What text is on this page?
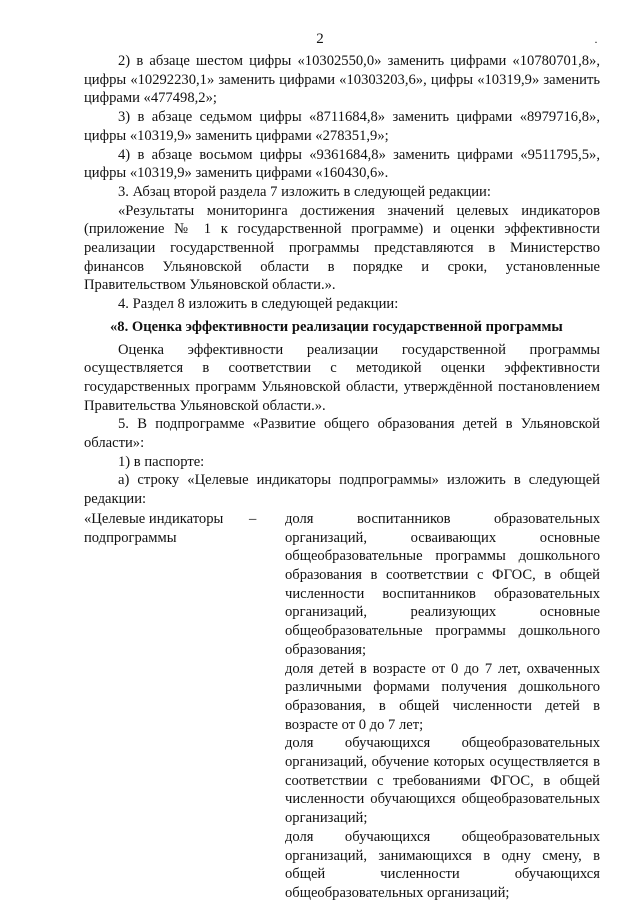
2	·

2) в абзаце шестом цифры «10302550,0» заменить цифрами «10780701,8», цифры «10292230,1» заменить цифрами «10303203,6», цифры «10319,9» заменить цифрами «477498,2»;

3) в абзаце седьмом цифры «8711684,8» заменить цифрами «8979716,8», цифры «10319,9» заменить цифрами «278351,9»;

4) в абзаце восьмом цифры «9361684,8» заменить цифрами «9511795,5», цифры «10319,9» заменить цифрами «160430,6».

3. Абзац второй раздела 7 изложить в следующей редакции:

«Результаты мониторинга достижения значений целевых индикаторов (приложение № 1 к государственной программе) и оценки эффективности реализации государственной программы представляются в Министерство финансов Ульяновской области в порядке и сроки, установленные Правительством Ульяновской области.».

4. Раздел 8 изложить в следующей редакции:

«8. Оценка эффективности реализации государственной программы

Оценка эффективности реализации государственной программы осуществляется в соответствии с методикой оценки эффективности государственных программ Ульяновской области, утверждённой постановлением Правительства Ульяновской области.».

5. В подпрограмме «Развитие общего образования детей в Ульяновской области»:

1) в паспорте:

а) строку «Целевые индикаторы подпрограммы» изложить в следующей редакции:

«Целевые индикаторы подпрограммы
–	доля воспитанников образовательных организаций, осваивающих основные общеобразовательные программы дошкольного образования в соответствии с ФГОС, в общей численности воспитанников образовательных организаций, реализующих основные общеобразовательные программы дошкольного образования;

доля детей в возрасте от 0 до 7 лет, охваченных различными формами получения дошкольного образования, в общей численности детей в возрасте от 0 до 7 лет;

доля обучающихся общеобразовательных организаций, обучение которых осуществляется в соответствии с требованиями ФГОС, в общей численности обучающихся общеобразовательных организаций;

доля обучающихся общеобразовательных организаций, занимающихся в одну смену, в общей численности обучающихся общеобразовательных организаций;
